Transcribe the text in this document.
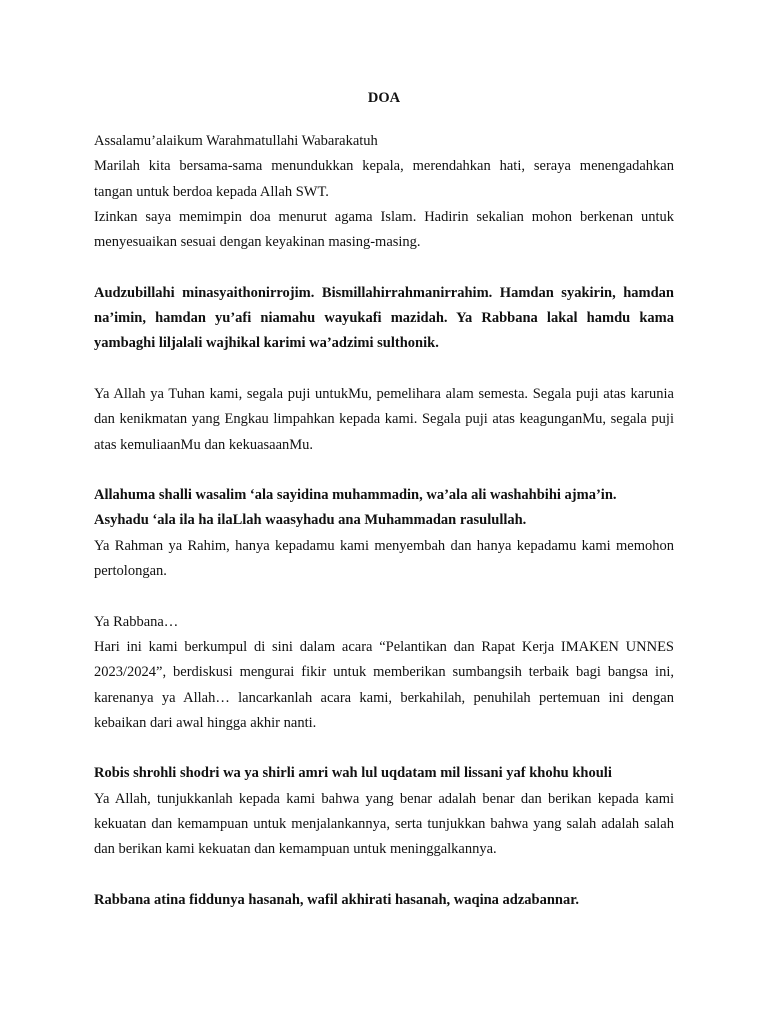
DOA

Assalamu’alaikum Warahmatullahi Wabarakatuh

Marilah kita bersama-sama menundukkan kepala, merendahkan hati, seraya menengadahkan tangan untuk berdoa kepada Allah SWT.

Izinkan saya memimpin doa menurut agama Islam. Hadirin sekalian mohon berkenan untuk menyesuaikan sesuai dengan keyakinan masing-masing.

Audzubillahi minasyaithonirrojim. Bismillahirrahmanirrahim. Hamdan syakirin, hamdan na’imin, hamdan yu’afi niamahu wayukafi mazidah. Ya Rabbana lakal hamdu kama yambaghi liljalali wajhikal karimi wa’adzimi sulthonik.

Ya Allah ya Tuhan kami, segala puji untukMu, pemelihara alam semesta. Segala puji atas karunia dan kenikmatan yang Engkau limpahkan kepada kami. Segala puji atas keagunganMu, segala puji atas kemuliaanMu dan kekuasaanMu.

Allahuma shalli wasalim ‘ala sayidina muhammadin, wa’ala ali washahbihi ajma’in.

Asyhadu ‘ala ila ha ilaLlah waasyhadu ana Muhammadan rasulullah.

Ya Rahman ya Rahim, hanya kepadamu kami menyembah dan hanya kepadamu kami memohon pertolongan.

Ya Rabbana…

Hari ini kami berkumpul di sini dalam acara “Pelantikan dan Rapat Kerja IMAKEN UNNES 2023/2024”, berdiskusi mengurai fikir untuk memberikan sumbangsih terbaik bagi bangsa ini, karenanya ya Allah… lancarkanlah acara kami, berkahilah, penuhilah pertemuan ini dengan kebaikan dari awal hingga akhir nanti.

Robis shrohli shodri wa ya shirli amri wah lul uqdatam mil lissani yaf khohu khouli

Ya Allah, tunjukkanlah kepada kami bahwa yang benar adalah benar dan berikan kepada kami kekuatan dan kemampuan untuk menjalankannya, serta tunjukkan bahwa yang salah adalah salah dan berikan kami kekuatan dan kemampuan untuk meninggalkannya.

Rabbana atina fiddunya hasanah, wafil akhirati hasanah, waqina adzabannar.
